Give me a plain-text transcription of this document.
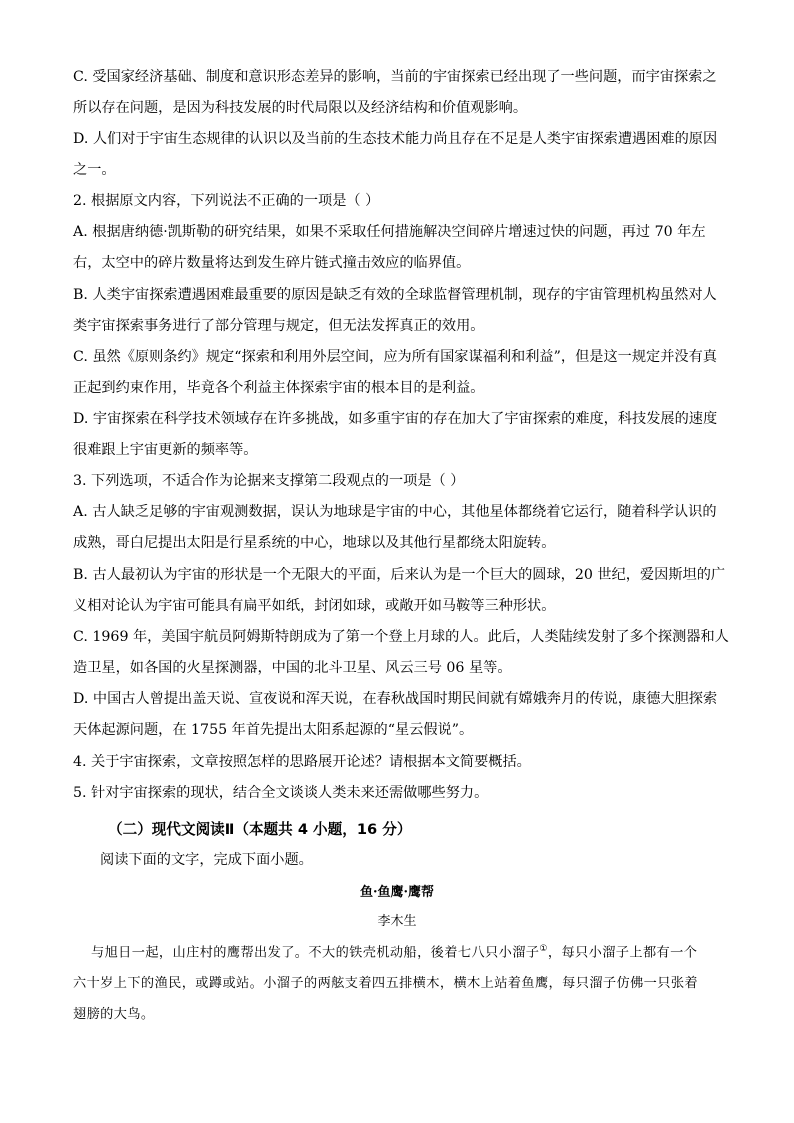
C. 受国家经济基础、制度和意识形态差异的影响，当前的宇宙探索已经出现了一些问题，而宇宙探索之
所以存在问题，是因为科技发展的时代局限以及经济结构和价值观影响。
D. 人们对于宇宙生态规律的认识以及当前的生态技术能力尚且存在不足是人类宇宙探索遭遇困难的原因
之一。
2. 根据原文内容，下列说法不正确的一项是（ ）
A. 根据唐纳德·凯斯勒的研究结果，如果不采取任何措施解决空间碎片增速过快的问题，再过 70 年左
右，太空中的碎片数量将达到发生碎片链式撞击效应的临界值。
B. 人类宇宙探索遭遇困难最重要的原因是缺乏有效的全球监督管理机制，现存的宇宙管理机构虽然对人
类宇宙探索事务进行了部分管理与规定，但无法发挥真正的效用。
C. 虽然《原则条约》规定“探索和利用外层空间，应为所有国家谋福利和利益”，但是这一规定并没有真
正起到约束作用，毕竟各个利益主体探索宇宙的根本目的是利益。
D. 宇宙探索在科学技术领域存在许多挑战，如多重宇宙的存在加大了宇宙探索的难度，科技发展的速度
很难跟上宇宙更新的频率等。
3. 下列选项，不适合作为论据来支撑第二段观点的一项是（ ）
A. 古人缺乏足够的宇宙观测数据，误认为地球是宇宙的中心，其他星体都绕着它运行，随着科学认识的
成熟，哥白尼提出太阳是行星系统的中心，地球以及其他行星都绕太阳旋转。
B. 古人最初认为宇宙的形状是一个无限大的平面，后来认为是一个巨大的圆球，20 世纪，爱因斯坦的广
义相对论认为宇宙可能具有扁平如纸，封闭如球，或敞开如马鞍等三种形状。
C. 1969 年，美国宇航员阿姆斯特朗成为了第一个登上月球的人。此后，人类陆续发射了多个探测器和人
造卫星，如各国的火星探测器，中国的北斗卫星、风云三号 06 星等。
D. 中国古人曾提出盖天说、宣夜说和浑天说，在春秋战国时期民间就有嫦娥奔月的传说，康德大胆探索
天体起源问题，在 1755 年首先提出太阳系起源的“星云假说”。
4. 关于宇宙探索，文章按照怎样的思路展开论述？请根据本文简要概括。
5. 针对宇宙探索的现状，结合全文谈谈人类未来还需做哪些努力。
（二）现代文阅读Ⅱ（本题共 4 小题，16 分）
阅读下面的文字，完成下面小题。
鱼·鱼鹰·鹰帮
李木生
与旭日一起，山庄村的鹰帮出发了。不大的铁壳机动船，後着七八只小溜子①，每只小溜子上都有一个
六十岁上下的渔民，或蹲或站。小溜子的两舷支着四五排横木，横木上站着鱼鹰，每只溜子仿佛一只张着
翅膀的大鸟。
